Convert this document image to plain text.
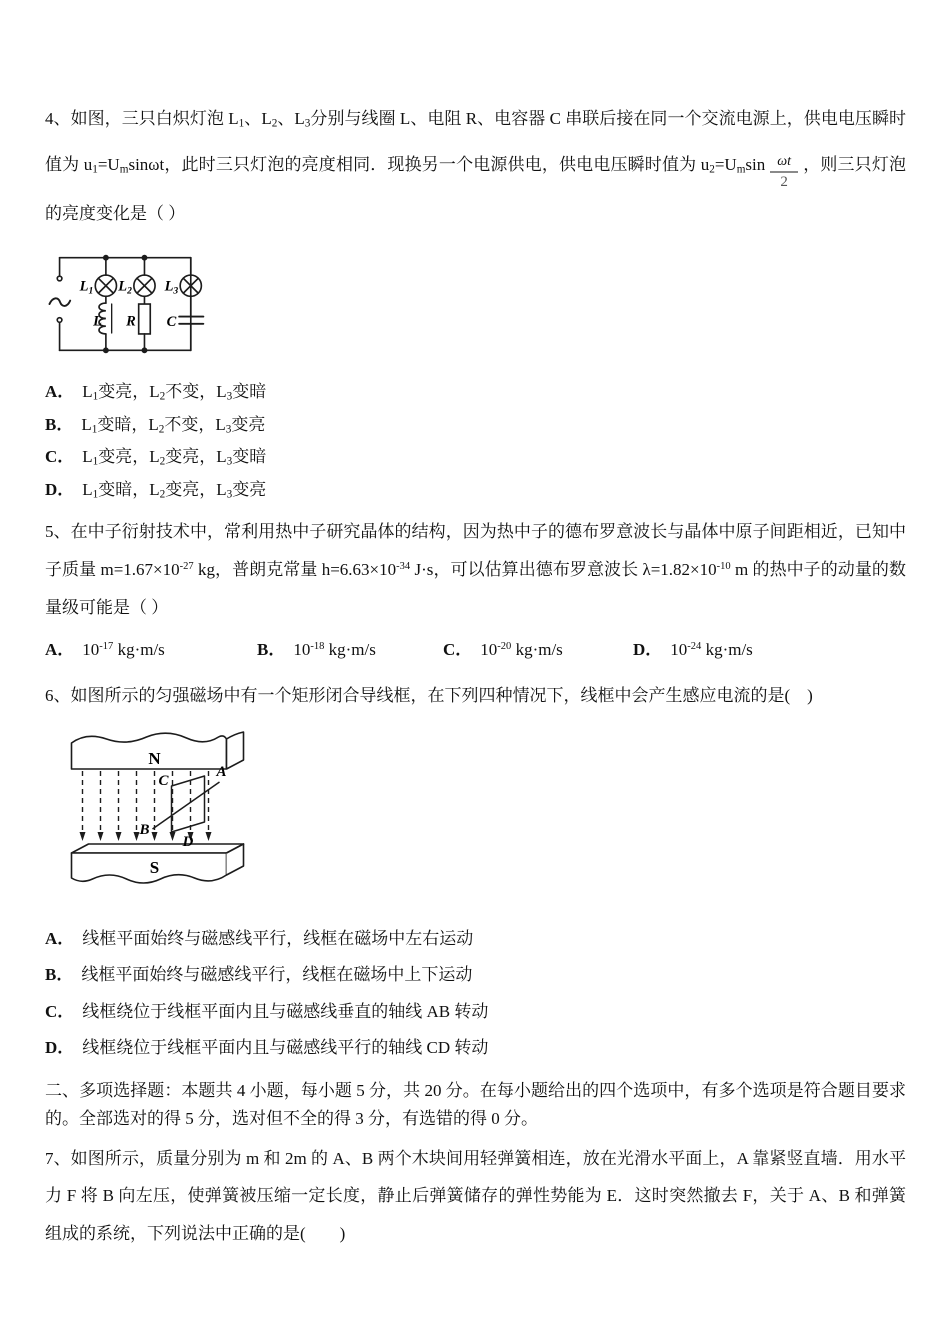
4、如图，三只白炽灯泡 $L_1$、$L_2$、$L_3$分别与线圈 L、电阻 R、电容器 C 串联后接在同一个交流电源上，供电电压瞬时值为 $u_1=U_m\sin\omega t$，此时三只灯泡的亮度相同．现换另一个电源供电，供电电压瞬时值为 $u_2=U_m\sin \frac{\omega t}{2}$ ，则三只灯泡的亮度变化是（ ）

$L_1$ $L_2$ $L_3$
L R C
A． $L_1$变亮，$L_2$不变，$L_3$变暗
B． $L_1$变暗，$L_2$不变，$L_3$变亮
C． $L_1$变亮，$L_2$变亮，$L_3$变暗
D． $L_1$变暗，$L_2$变亮，$L_3$变亮

5、在中子衍射技术中，常利用热中子研究晶体的结构，因为热中子的德布罗意波长与晶体中原子间距相近，已知中子质量 $m=1.67\times 10^{-27}$ kg，普朗克常量 $h=6.63\times 10^{-34}$ J·s，可以估算出德布罗意波长 $\lambda=1.82\times 10^{-10}$ m 的热中子的动量的数量级可能是（ ）

A． $10^{-17}$ kg·m/s	B． $10^{-18}$ kg·m/s	C． $10^{-20}$ kg·m/s	D． $10^{-24}$ kg·m/s

6、如图所示的匀强磁场中有一个矩形闭合导线框，在下列四种情况下，线框中会产生感应电流的是(　)

N
S
C
A
B
D
A． 线框平面始终与磁感线平行，线框在磁场中左右运动
B． 线框平面始终与磁感线平行，线框在磁场中上下运动
C． 线框绕位于线框平面内且与磁感线垂直的轴线 AB 转动
D． 线框绕位于线框平面内且与磁感线平行的轴线 CD 转动

二、多项选择题：本题共 4 小题，每小题 5 分，共 20 分。在每小题给出的四个选项中，有多个选项是符合题目要求的。全部选对的得 5 分，选对但不全的得 3 分，有选错的得 0 分。

7、如图所示，质量分别为 m 和 2m 的 A、B 两个木块间用轻弹簧相连，放在光滑水平面上，A 靠紧竖直墙．用水平力 F 将 B 向左压，使弹簧被压缩一定长度，静止后弹簧储存的弹性势能为 E．这时突然撤去 F，关于 A、B 和弹簧组成的系统，下列说法中正确的是(　　)
